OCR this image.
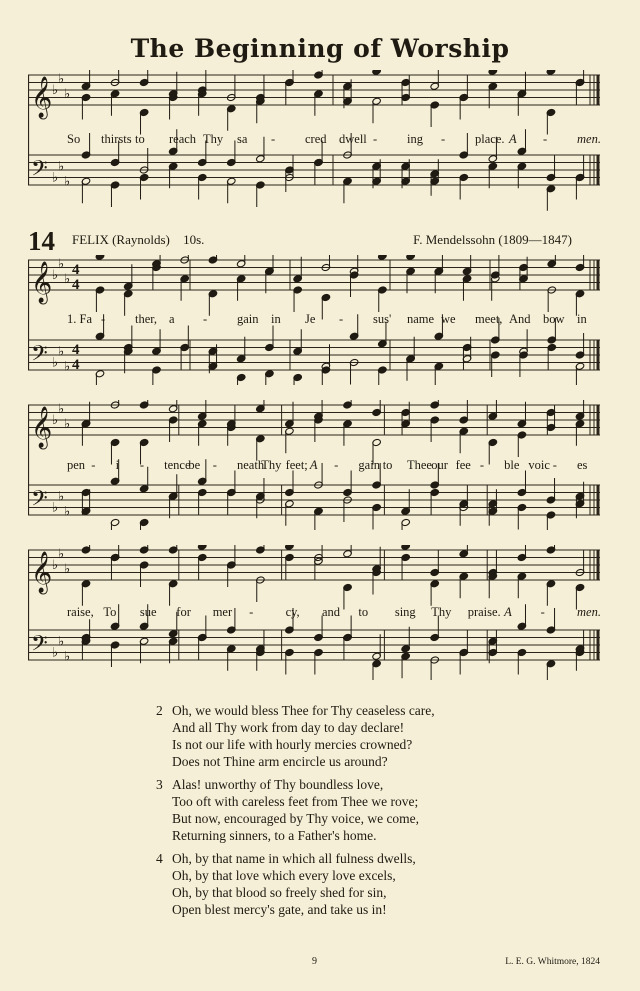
The Beginning of Worship
𝄞
𝄢
♭
♭
♭
♭
♭
♭
So thirsts to reach Thy sa - cred dwell - ing - place. A - men.
14 FELIX (Raynolds) 10s.	F. Mendelssohn (1809—1847)
𝄞
𝄢
♭
♭
♭
♭
♭
♭
4
4
4
4
1. Fa - ther, a - gain in Je - sus' name we meet, And bow in
𝄞
𝄢
♭
♭
♭
♭
♭
♭
pen - i - tence
be - neath
Thy feet; A - gain to Thee our fee - ble voic - es
𝄞
𝄢
♭
♭
♭
♭
♭
♭
raise, To sue for mer -	cy, and to sing Thy praise. A -	men.
2 Oh, we would bless Thee for Thy ceaseless care,
And all Thy work from day to day declare!
Is not our life with hourly mercies crowned?
Does not Thine arm encircle us around?
3 Alas! unworthy of Thy boundless love,
Too oft with careless feet from Thee we rove;
But now, encouraged by Thy voice, we come,
Returning sinners, to a Father's home.
4 Oh, by that name in which all fulness dwells,
Oh, by that love which every love excels,
Oh, by that blood so freely shed for sin,
Open blest mercy's gate, and take us in!
9	L. E. G. Whitmore, 1824
